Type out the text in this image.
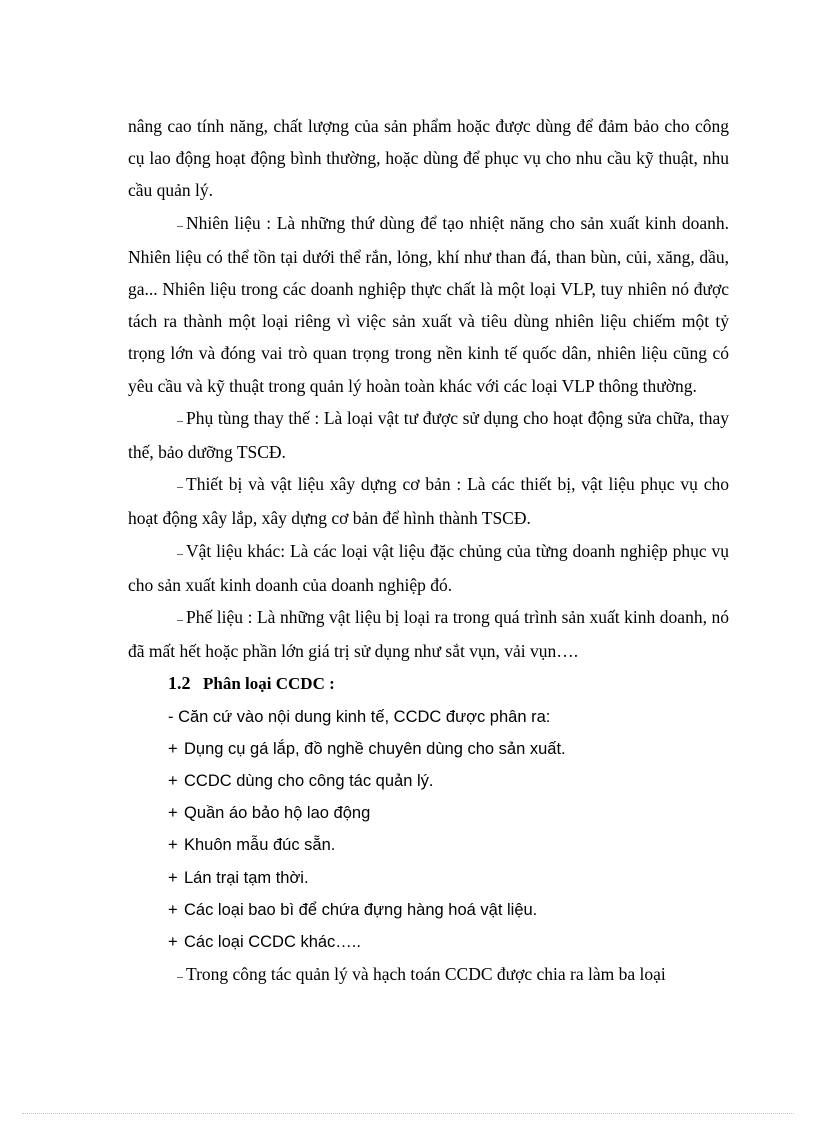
nâng cao tính năng, chất lượng của sản phẩm hoặc được dùng để đảm bảo cho công cụ lao động hoạt động bình thường, hoặc dùng để phục vụ cho nhu cầu kỹ thuật, nhu cầu quản lý.

– Nhiên liệu : Là những thứ dùng để tạo nhiệt năng cho sản xuất kinh doanh. Nhiên liệu có thể tồn tại dưới thể rắn, lỏng, khí như than đá, than bùn, củi, xăng, dầu, ga... Nhiên liệu trong các doanh nghiệp thực chất là một loại VLP, tuy nhiên nó được tách ra thành một loại riêng vì việc sản xuất và tiêu dùng nhiên liệu chiếm một tỷ trọng lớn và đóng vai trò quan trọng trong nền kinh tế quốc dân, nhiên liệu cũng có yêu cầu và kỹ thuật trong quản lý hoàn toàn khác với các loại VLP thông thường.

– Phụ tùng thay thế : Là loại vật tư được sử dụng cho hoạt động sửa chữa, thay thế, bảo dưỡng TSCĐ.

– Thiết bị và vật liệu xây dựng cơ bản : Là các thiết bị, vật liệu phục vụ cho hoạt động xây lắp, xây dựng cơ bản để hình thành TSCĐ.

– Vật liệu khác: Là các loại vật liệu đặc chủng của từng doanh nghiệp phục vụ cho sản xuất kinh doanh của doanh nghiệp đó.

– Phế liệu : Là những vật liệu bị loại ra trong quá trình sản xuất kinh doanh, nó đã mất hết hoặc phần lớn giá trị sử dụng như sắt vụn, vải vụn….

1.2 Phân loại CCDC :

- Căn cứ vào nội dung kinh tế, CCDC được phân ra:

+ Dụng cụ gá lắp, đồ nghề chuyên dùng cho sản xuất.

+ CCDC dùng cho công tác quản lý.

+ Quần áo bảo hộ lao động

+ Khuôn mẫu đúc sẵn.

+ Lán trại tạm thời.

+ Các loại bao bì để chứa đựng hàng hoá vật liệu.

+ Các loại CCDC khác…..

– Trong công tác quản lý và hạch toán CCDC được chia ra làm ba loại
